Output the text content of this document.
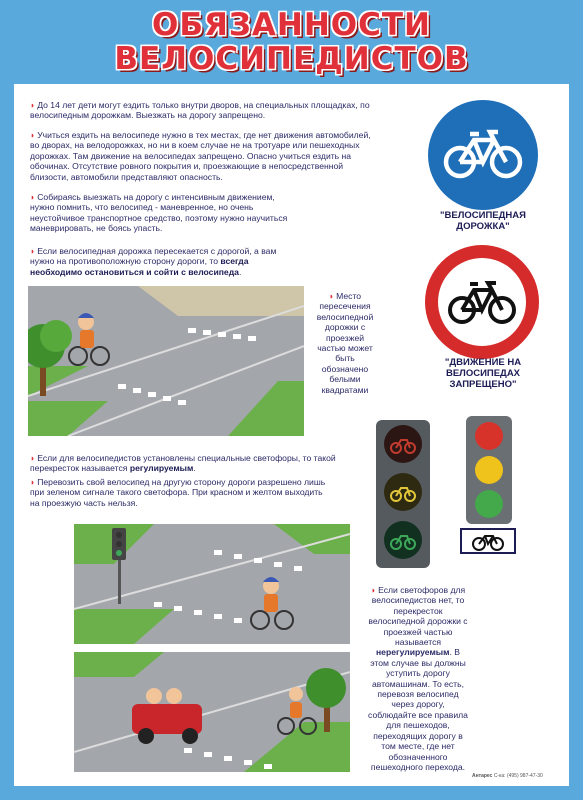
ОБЯЗАННОСТИ
ВЕЛОСИПЕДИСТОВ
◗ До 14 лет дети могут ездить только внутри дворов, на специальных площадках, по велосипедным дорожкам. Выезжать на дорогу запрещено.
◗ Учиться ездить на велосипеде нужно в тех местах, где нет движения автомобилей, во дворах, на велодорожках, но ни в коем случае не на тротуаре или пешеходных дорожках. Там движение на велосипедах запрещено. Опасно учиться ездить на обочинах. Отсутствие ровного покрытия и, проезжающие в непосредственной близости, автомобили представляют опасность.
◗ Собираясь выезжать на дорогу с интенсивным движением, нужно помнить, что велосипед - маневренное, но очень неустойчивое транспортное средство, поэтому нужно научиться маневрировать, не боясь упасть.
◗ Если велосипедная дорожка пересекается с дорогой, а вам нужно на противоположную сторону дороги, то всегда необходимо остановиться и сойти с велосипеда.
"ВЕЛОСИПЕДНАЯ ДОРОЖКА"
"ДВИЖЕНИЕ НА ВЕЛОСИПЕДАХ ЗАПРЕЩЕНО"
◗ Место пересечения велосипедной дорожки с проезжей частью может быть обозначено белыми квадратами
◗ Если для велосипедистов установлены специальные светофоры, то такой перекресток называется регулируемым.
◗ Перевозить свой велосипед на другую сторону дороги разрешено лишь при зеленом сигнале такого светофора. При красном и желтом выходить на проезжую часть нельзя.
◗ Если светофоров для велосипедистов нет, то перекресток велосипедной дорожки с проезжей частью называется нерегулируемым. В этом случае вы должны уступить дорогу автомашинам. То есть, перевозя велосипед через дорогу, соблюдайте все правила для пешеходов, переходящих дорогу в том месте, где нет обозначенного пешеходного перехода.
Антарес С-ка: (495) 987-47-30
